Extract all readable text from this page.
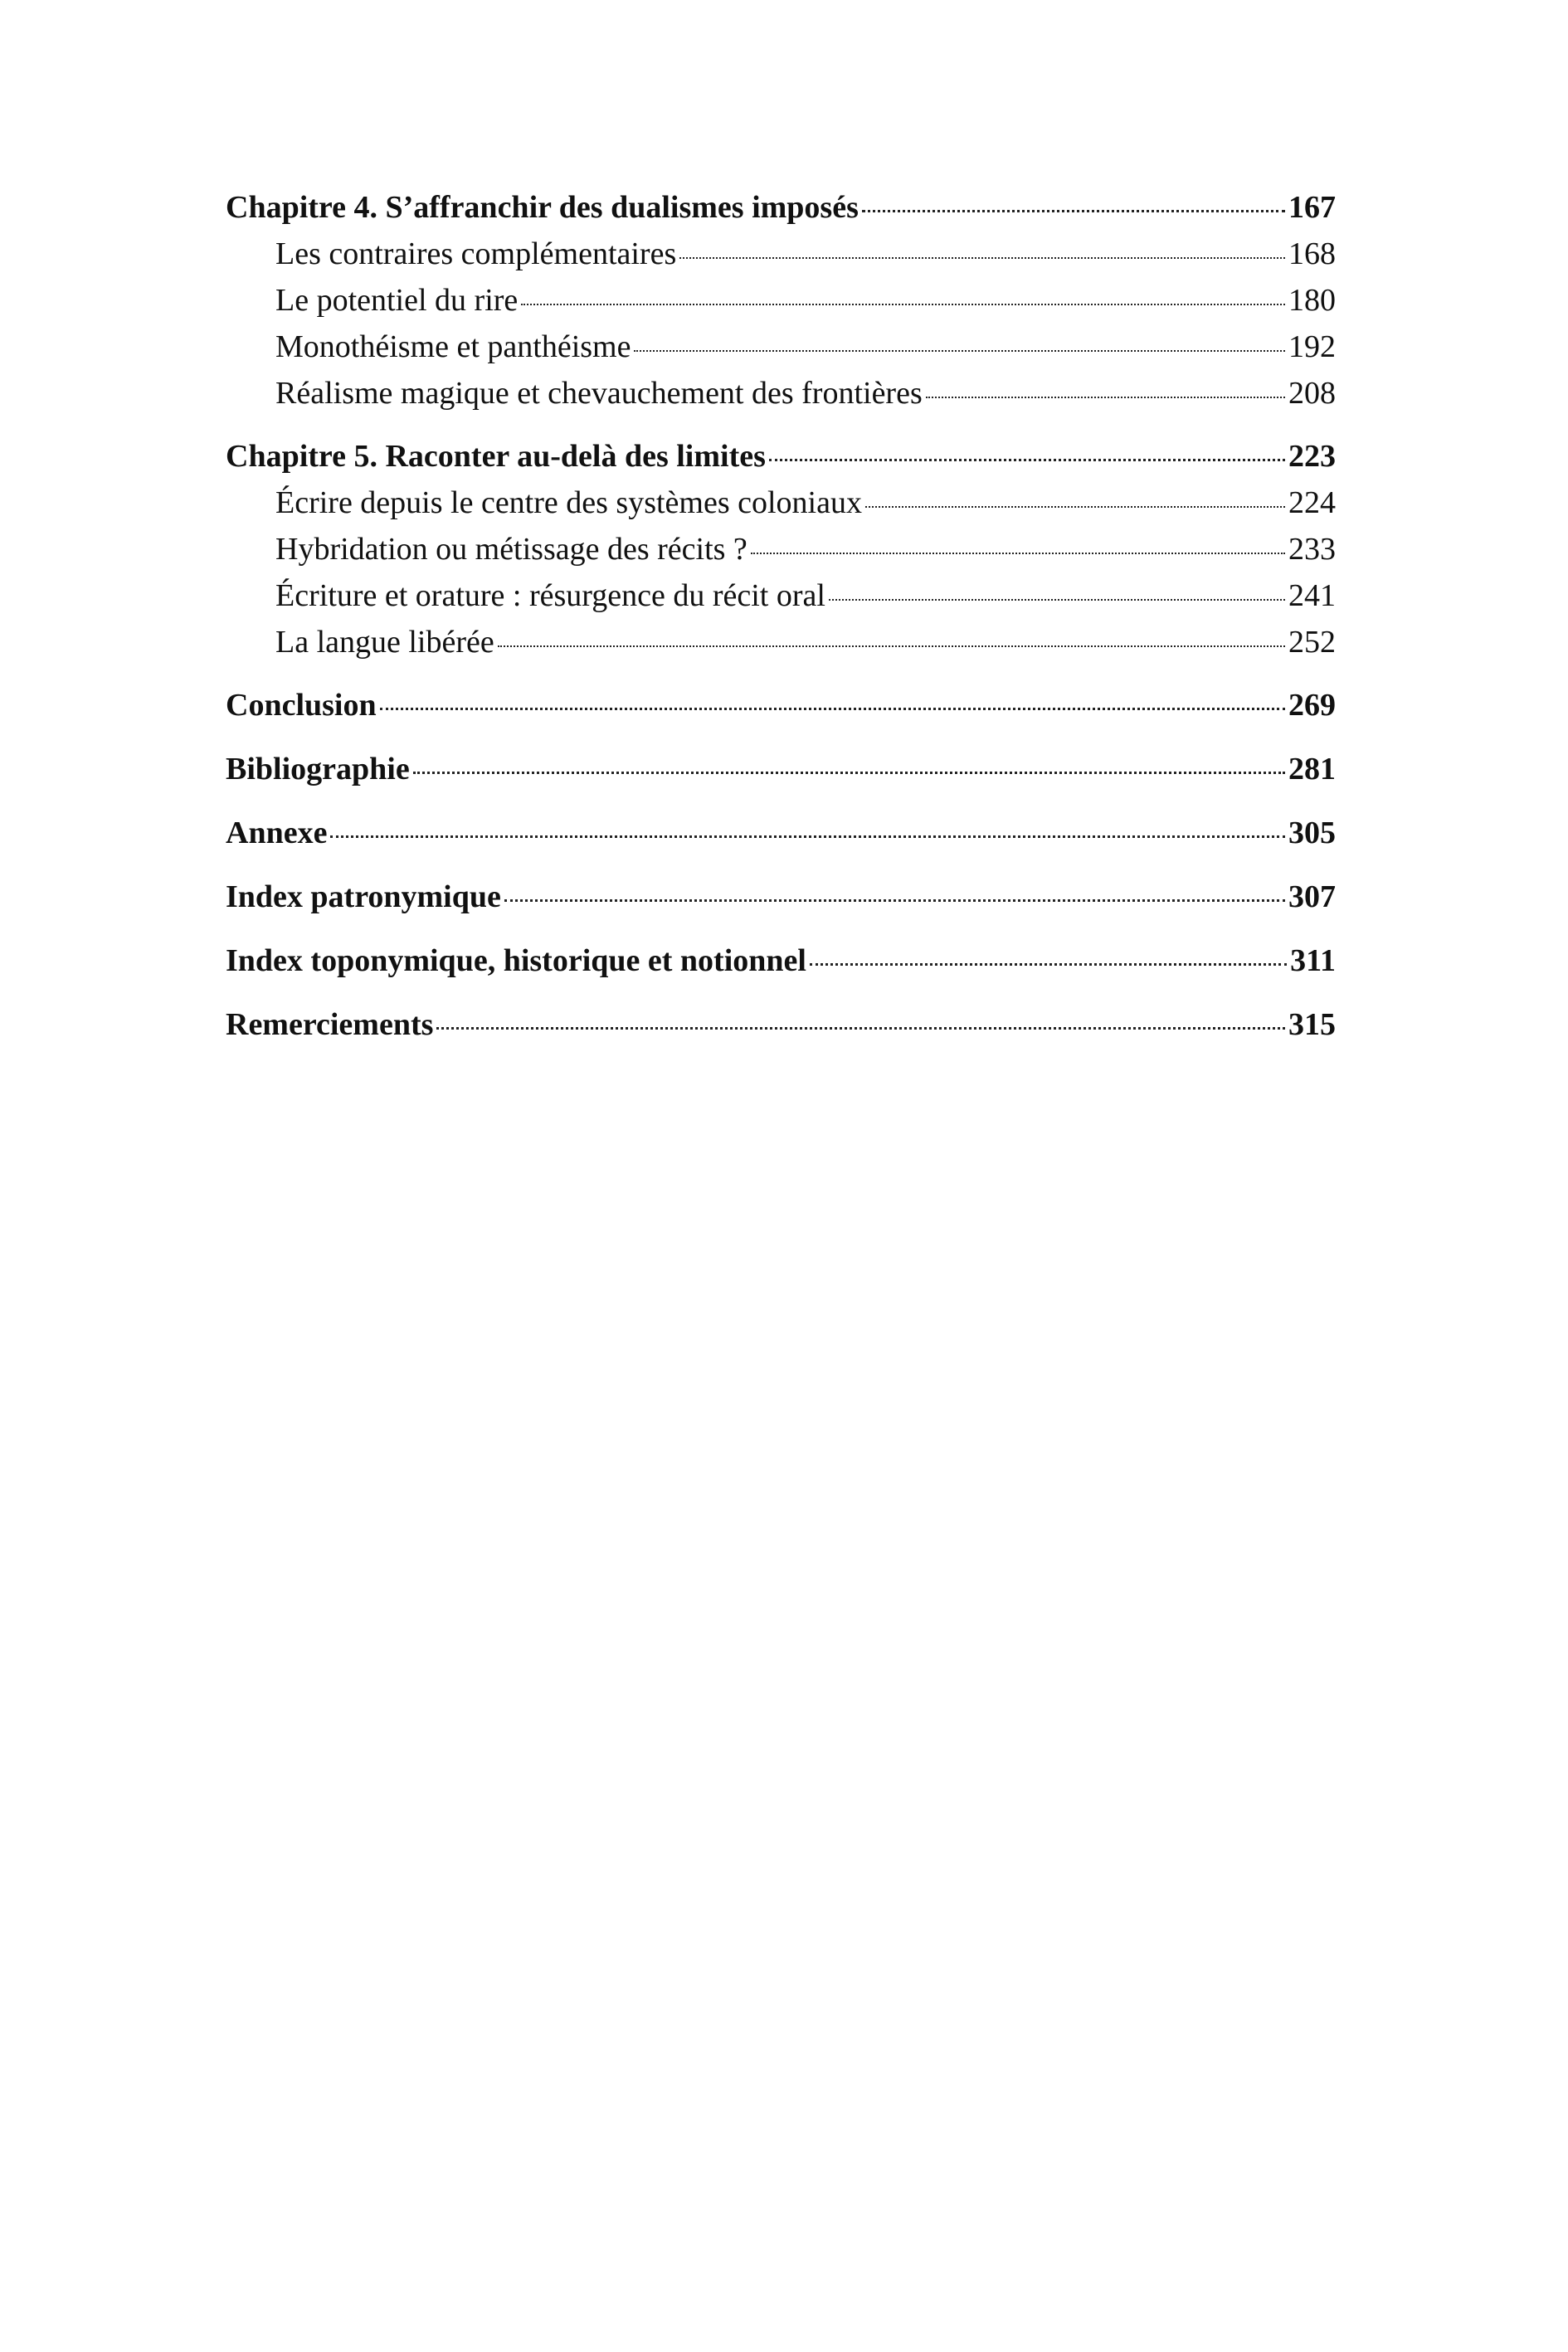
Chapitre 4. S’affranchir des dualismes imposés	167
Les contraires complémentaires	168
Le potentiel du rire	180
Monothéisme et panthéisme	192
Réalisme magique et chevauchement des frontières	208
Chapitre 5. Raconter au-delà des limites	223
Écrire depuis le centre des systèmes coloniaux	224
Hybridation ou métissage des récits ?	233
Écriture et orature : résurgence du récit oral	241
La langue libérée	252
Conclusion	269
Bibliographie	281
Annexe	305
Index patronymique	307
Index toponymique, historique et notionnel	311
Remerciements	315
